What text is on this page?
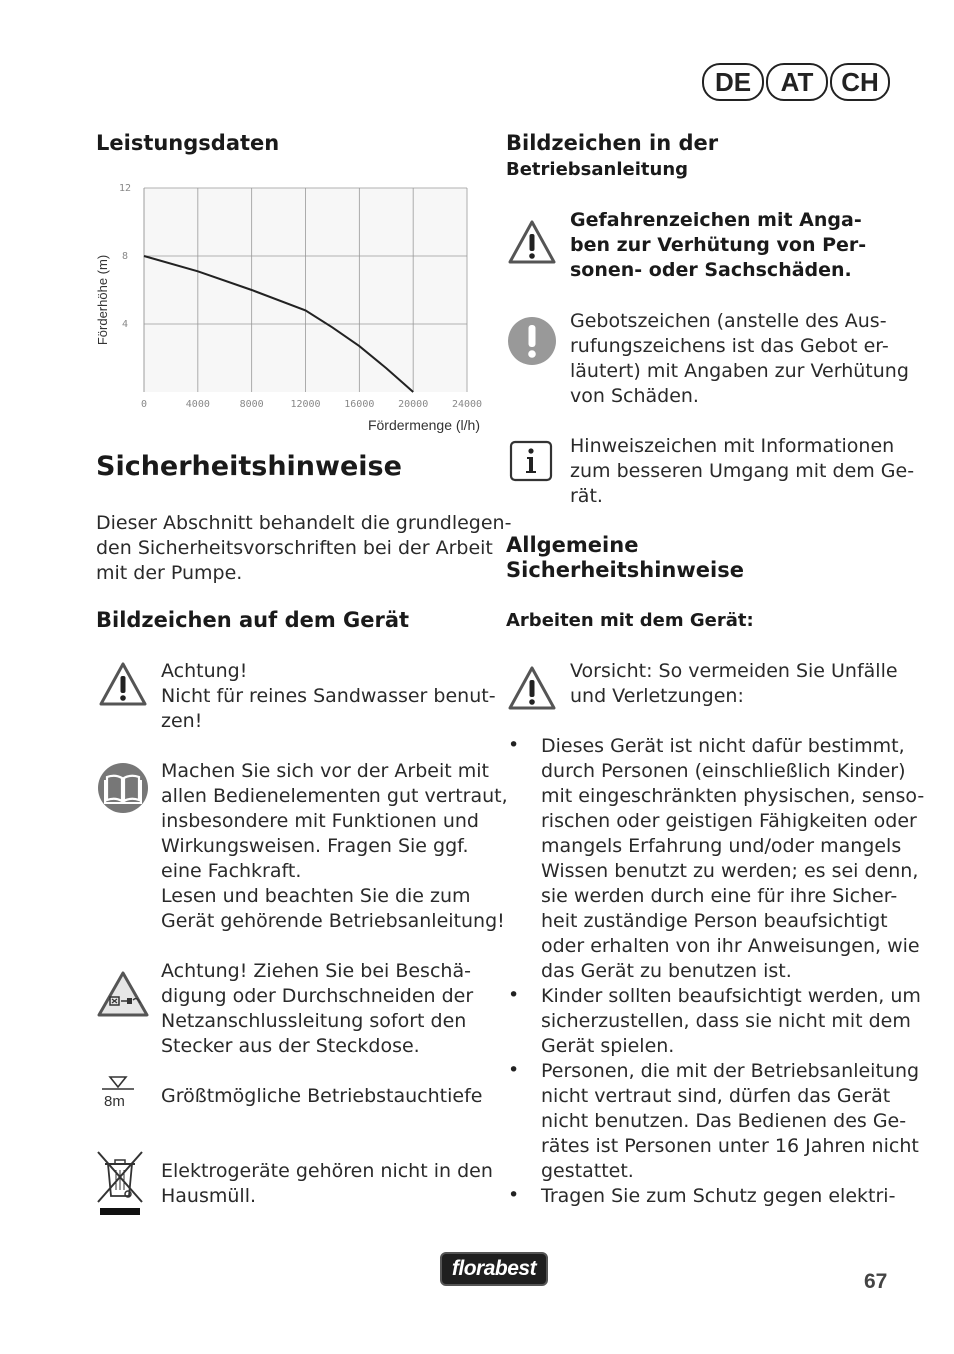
DE	AT	CH
Leistungsdaten
0	4000	8000	12000 16000 20000 24000
4
8
12
Förderhöhe (m)
Fördermenge (l/h)
Sicherheitshinweise
Dieser Abschnitt behandelt die grundlegen-
den Sicherheitsvorschriften bei der Arbeit
mit der Pumpe.
Bildzeichen auf dem Gerät
Achtung!
Nicht für reines Sandwasser benut-
zen!
Machen Sie sich vor der Arbeit mit
allen Bedienelementen gut vertraut,
insbesondere mit Funktionen und
Wirkungsweisen. Fragen Sie ggf.
eine Fachkraft.
Lesen und beachten Sie die zum
Gerät gehörende Betriebsanleitung!
Achtung! Ziehen Sie bei Beschä-
digung oder Durchschneiden der
Netzanschlussleitung sofort den
Stecker aus der Steckdose.
8m Größtmögliche Betriebstauchtiefe
Elektrogeräte gehören nicht in den
Hausmüll.
Bildzeichen in der
Betriebsanleitung
Gefahrenzeichen mit Anga-
ben zur Verhütung von Per-
sonen- oder Sachschäden.
Gebotszeichen (anstelle des Aus-
rufungszeichens ist das Gebot er-
läutert) mit Angaben zur Verhütung
von Schäden.
Hinweiszeichen mit Informationen
zum besseren Umgang mit dem Ge-
rät.
Allgemeine
Sicherheitshinweise
Arbeiten mit dem Gerät:
Vorsicht: So vermeiden Sie Unfälle
und Verletzungen:
• Dieses Gerät ist nicht dafür bestimmt,
durch Personen (einschließlich Kinder)
mit eingeschränkten physischen, senso-
rischen oder geistigen Fähigkeiten oder
mangels Erfahrung und/oder mangels
Wissen benutzt zu werden; es sei denn,
sie werden durch eine für ihre Sicher-
heit zuständige Person beaufsichtigt
oder erhalten von ihr Anweisungen, wie
das Gerät zu benutzen ist.
• Kinder sollten beaufsichtigt werden, um
sicherzustellen, dass sie nicht mit dem
Gerät spielen.
• Personen, die mit der Betriebsanleitung
nicht vertraut sind, dürfen das Gerät
nicht benutzen. Das Bedienen des Ge-
rätes ist Personen unter 16 Jahren nicht
gestattet.
• Tragen Sie zum Schutz gegen elektri-
florabest
67
